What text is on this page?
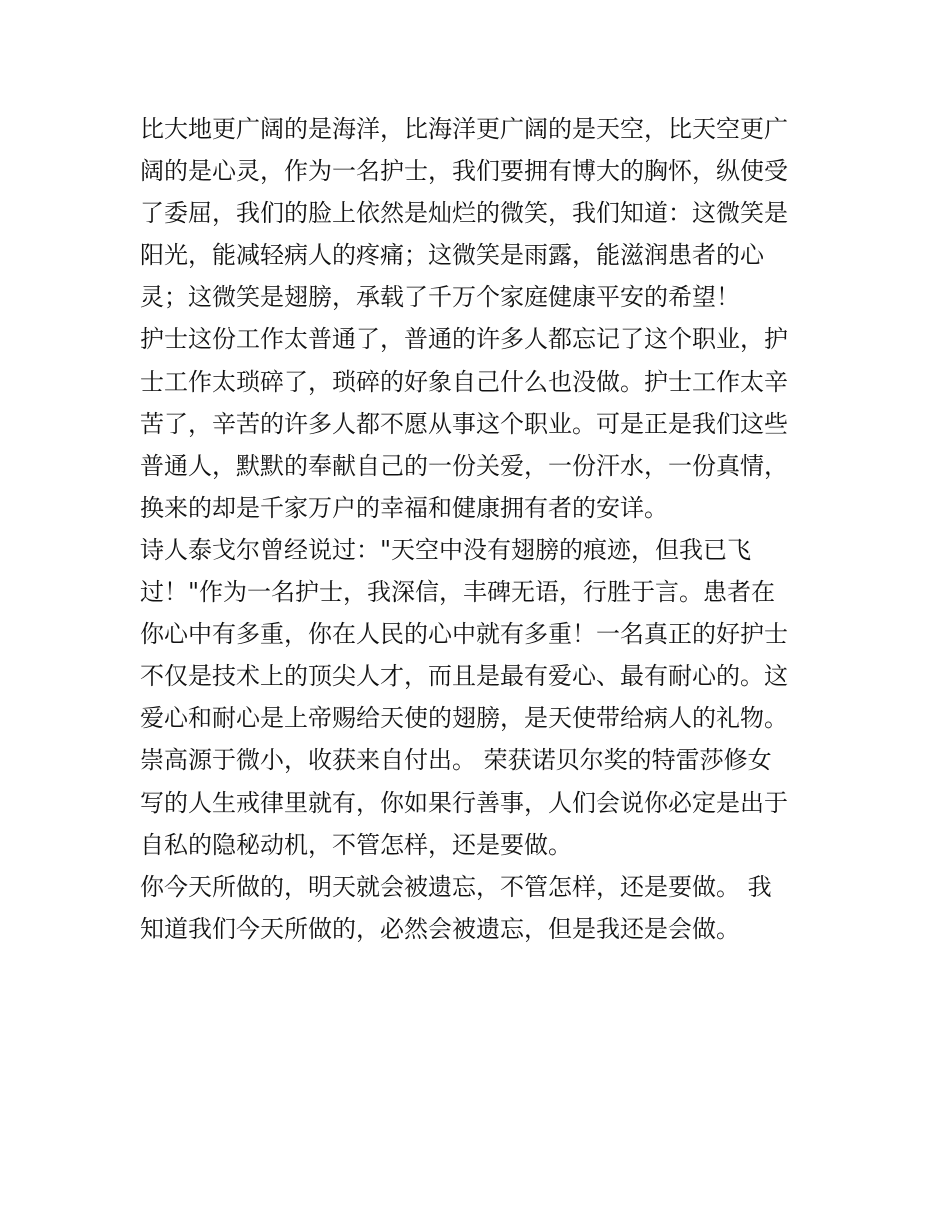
比大地更广阔的是海洋，比海洋更广阔的是天空，比天空更广
阔的是心灵，作为一名护士，我们要拥有博大的胸怀，纵使受
了委屈，我们的脸上依然是灿烂的微笑，我们知道：这微笑是
阳光，能减轻病人的疼痛；这微笑是雨露，能滋润患者的心
灵；这微笑是翅膀，承载了千万个家庭健康平安的希望！
护士这份工作太普通了，普通的许多人都忘记了这个职业，护
士工作太琐碎了，琐碎的好象自己什么也没做。护士工作太辛
苦了，辛苦的许多人都不愿从事这个职业。可是正是我们这些
普通人，默默的奉献自己的一份关爱，一份汗水，一份真情，
换来的却是千家万户的幸福和健康拥有者的安详。
诗人泰戈尔曾经说过："天空中没有翅膀的痕迹，但我已飞
过！"作为一名护士，我深信，丰碑无语，行胜于言。患者在
你心中有多重，你在人民的心中就有多重！一名真正的好护士
不仅是技术上的顶尖人才，而且是最有爱心、最有耐心的。这
爱心和耐心是上帝赐给天使的翅膀，是天使带给病人的礼物。
崇高源于微小，收获来自付出。 荣获诺贝尔奖的特雷莎修女
写的人生戒律里就有，你如果行善事，人们会说你必定是出于
自私的隐秘动机，不管怎样，还是要做。
你今天所做的，明天就会被遗忘，不管怎样，还是要做。 我
知道我们今天所做的，必然会被遗忘，但是我还是会做。
